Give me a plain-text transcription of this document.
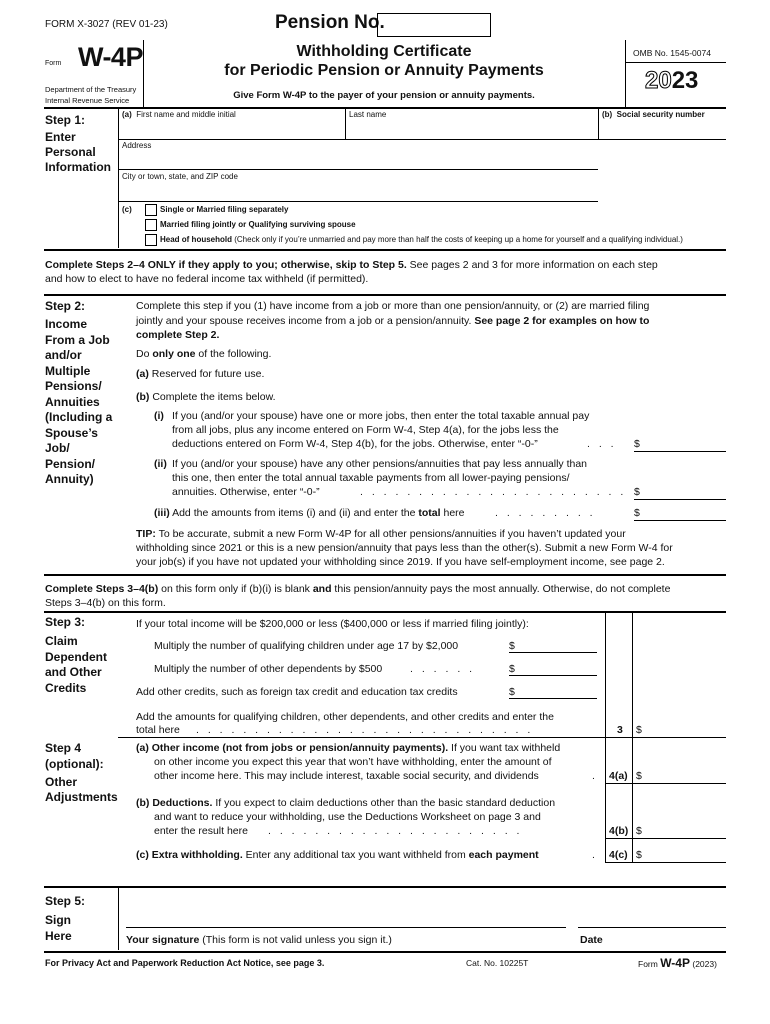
FORM X-3027 (REV 01-23)	Pension No.
Form W-4P
Department of the Treasury
Internal Revenue Service
Withholding Certificate
for Periodic Pension or Annuity Payments
Give Form W-4P to the payer of your pension or annuity payments.
OMB No. 1545-0074
2023
Step 1:
Enter
Personal
Information
(a) First name and middle initial	Last name	(b) Social security number
Address
City or town, state, and ZIP code
(c)	Single or Married filing separately
Married filing jointly or Qualifying surviving spouse
Head of household (Check only if you’re unmarried and pay more than half the costs of keeping up a home for yourself and a qualifying individual.)
Complete Steps 2–4 ONLY if they apply to you; otherwise, skip to Step 5. See pages 2 and 3 for more information on each step
and how to elect to have no federal income tax withheld (if permitted).
Step 2:
Income
From a Job
and/or
Multiple
Pensions/
Annuities
(Including a
Spouse’s
Job/
Pension/
Annuity)
Complete this step if you (1) have income from a job or more than one pension/annuity, or (2) are married filing
jointly and your spouse receives income from a job or a pension/annuity. See page 2 for examples on how to
complete Step 2.
Do only one of the following.
(a) Reserved for future use.
(b) Complete the items below.
(i) If you (and/or your spouse) have one or more jobs, then enter the total taxable annual pay
from all jobs, plus any income entered on Form W-4, Step 4(a), for the jobs less the
deductions entered on Form W-4, Step 4(b), for the jobs. Otherwise, enter “-0-”	. . . $
(ii) If you (and/or your spouse) have any other pensions/annuities that pay less annually than
this one, then enter the total annual taxable payments from all lower-paying pensions/
annuities. Otherwise, enter “-0-”	. . . . . . . . . . . . . . . . . . . . . . . $
(iii) Add the amounts from items (i) and (ii) and enter the total here	. . . . . . . . .	$
TIP: To be accurate, submit a new Form W-4P for all other pensions/annuities if you haven’t updated your
withholding since 2021 or this is a new pension/annuity that pays less than the other(s). Submit a new Form W-4 for
your job(s) if you have not updated your withholding since 2019. If you have self-employment income, see page 2.
Complete Steps 3–4(b) on this form only if (b)(i) is blank and this pension/annuity pays the most annually. Otherwise, do not complete
Steps 3–4(b) on this form.
Step 3:
Claim
Dependent
and Other
Credits
If your total income will be $200,000 or less ($400,000 or less if married filing jointly):
Multiply the number of qualifying children under age 17 by $2,000	$
Multiply the number of other dependents by $500	. . . . . .	$
Add other credits, such as foreign tax credit and education tax credits	$
Add the amounts for qualifying children, other dependents, and other credits and enter the
total here . . . . . . . . . . . . . . . . . . . . . . . . . . . . .	3 $
Step 4
(optional):
Other
Adjustments
(a) Other income (not from jobs or pension/annuity payments). If you want tax withheld
on other income you expect this year that won’t have withholding, enter the amount of
other income here. This may include interest, taxable social security, and dividends	. 4(a) $
(b) Deductions. If you expect to claim deductions other than the basic standard deduction
and want to reduce your withholding, use the Deductions Worksheet on page 3 and
enter the result here . . . . . . . . . . . . . . . . . . . . . .	4(b) $
(c) Extra withholding. Enter any additional tax you want withheld from each payment	. 4(c) $
Step 5:
Sign
Here	Your signature (This form is not valid unless you sign it.)	Date
For Privacy Act and Paperwork Reduction Act Notice, see page 3.	Cat. No. 10225T	Form W-4P (2023)
